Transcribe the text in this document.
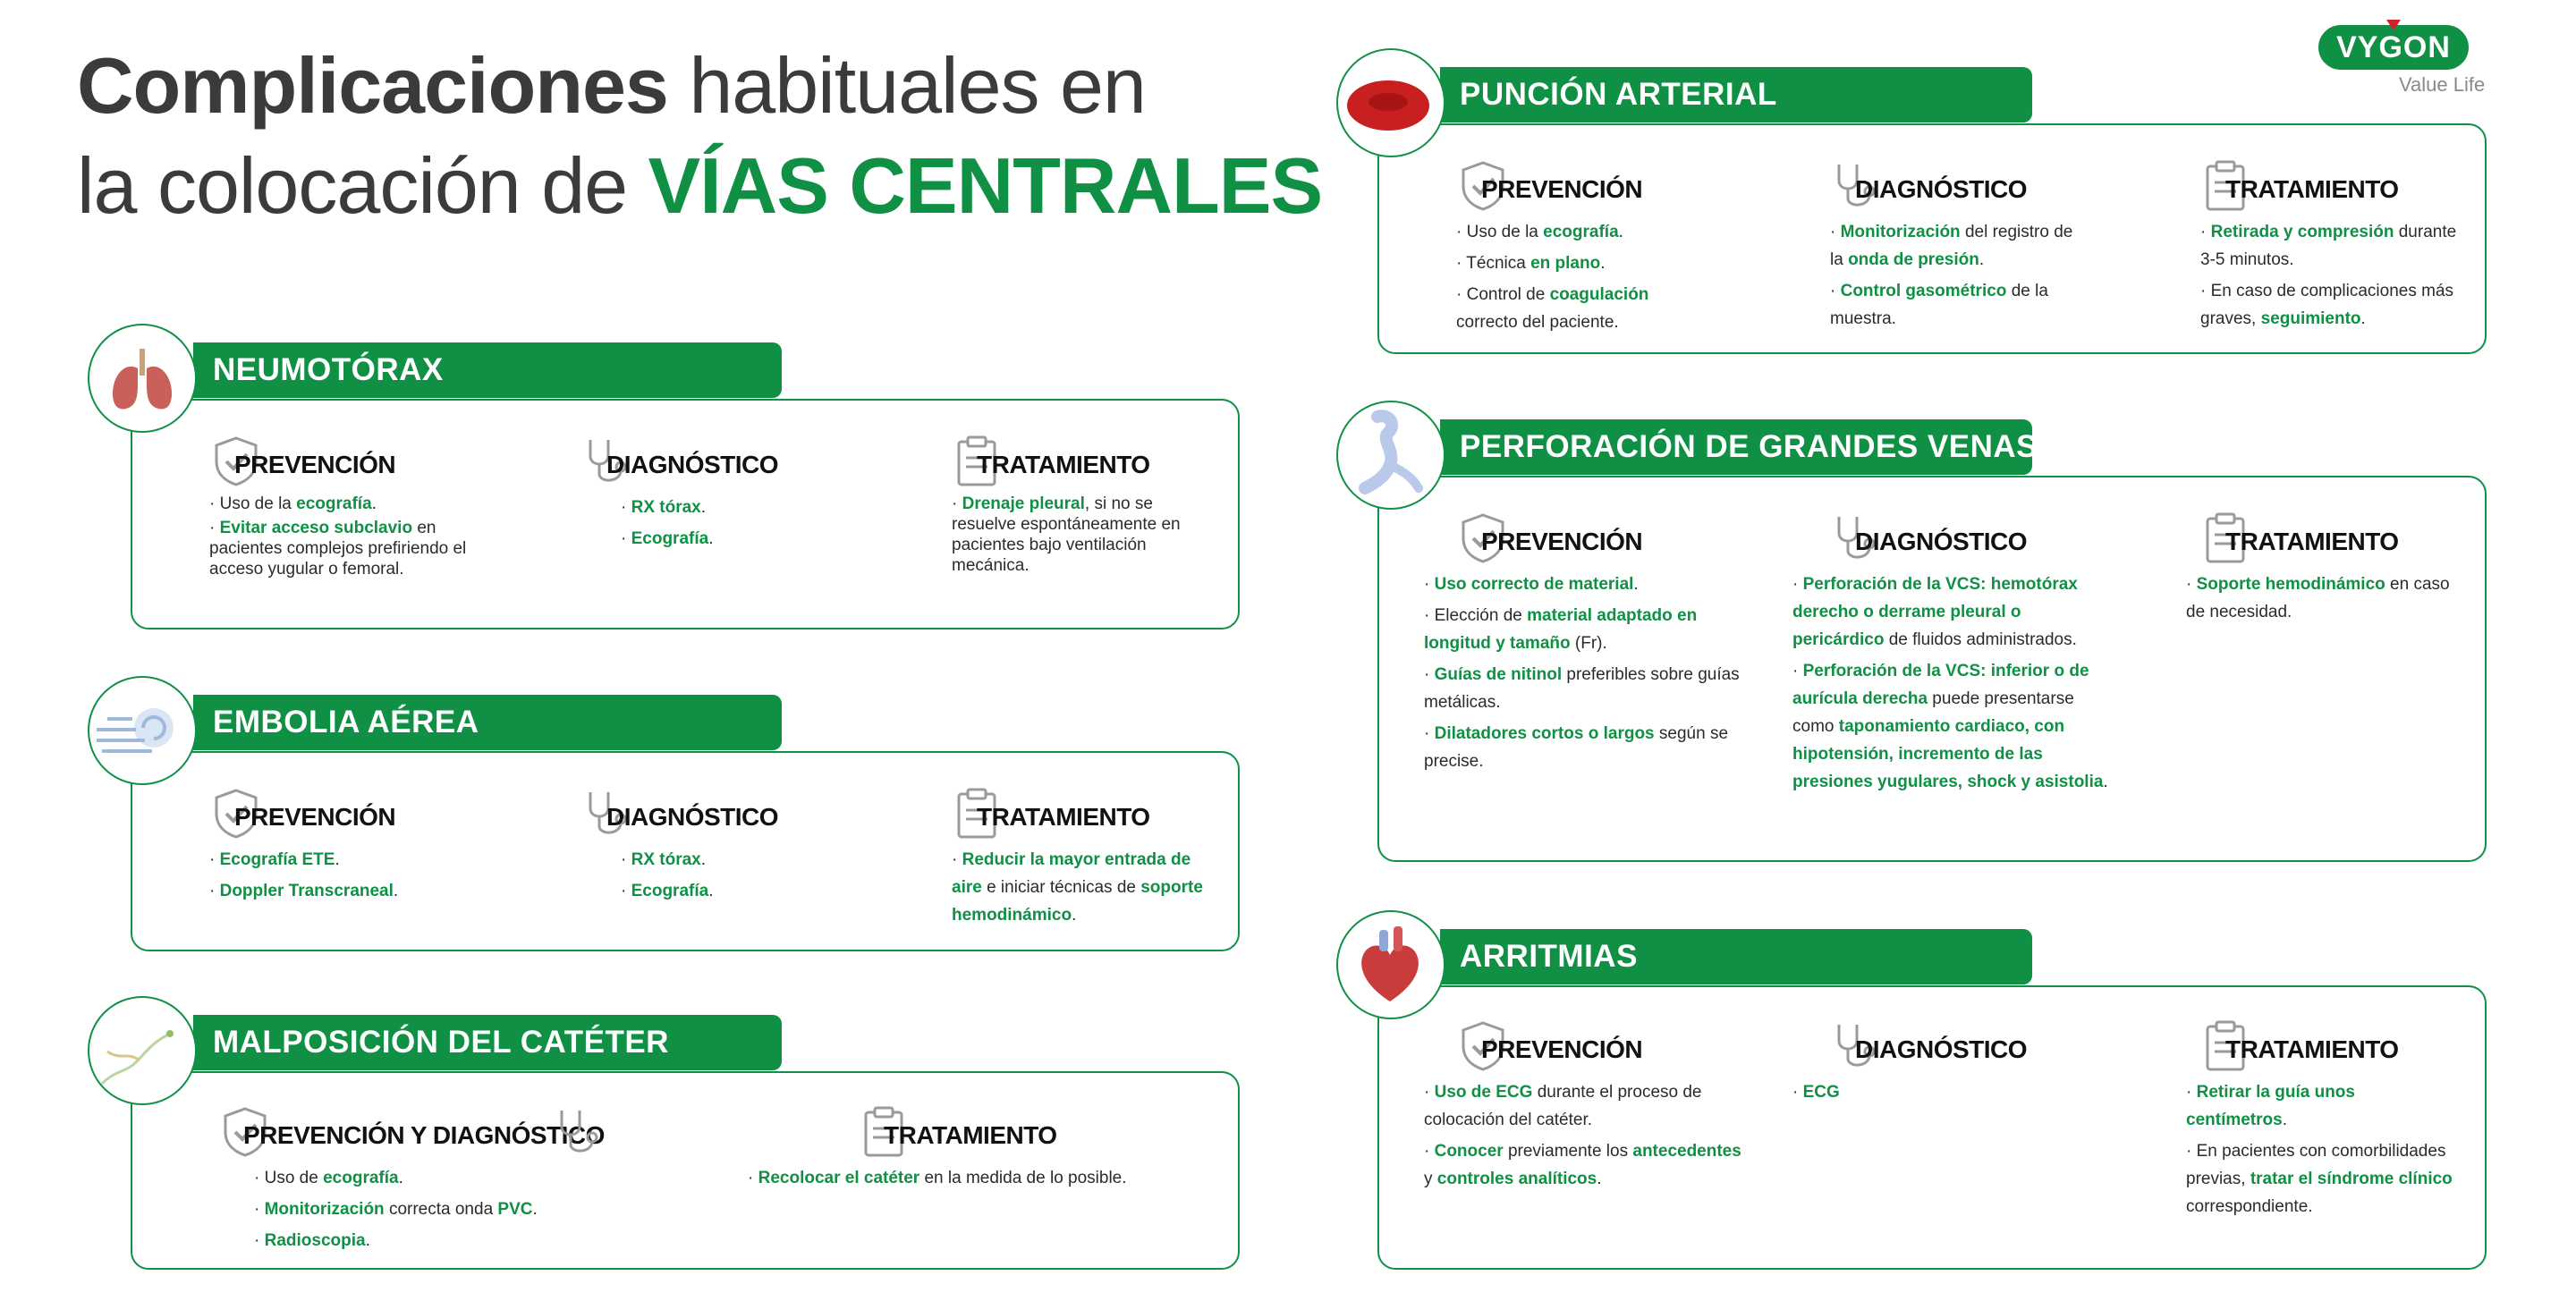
Complicaciones habituales en
la colocación de VÍAS CENTRALES
VYGON
Value Life
NEUMOTÓRAX
PREVENCIÓN
· Uso de la ecografía.
· Evitar acceso subclavio en pacientes complejos prefiriendo el acceso yugular o femoral.
DIAGNÓSTICO
· RX tórax.
· Ecografía.
TRATAMIENTO
· Drenaje pleural, si no se resuelve espontáneamente en pacientes bajo ventilación mecánica.
EMBOLIA AÉREA
PREVENCIÓN
· Ecografía ETE.
· Doppler Transcraneal.
DIAGNÓSTICO
· RX tórax.
· Ecografía.
TRATAMIENTO
· Reducir la mayor entrada de aire e iniciar técnicas de soporte hemodinámico.
MALPOSICIÓN DEL CATÉTER
PREVENCIÓN Y DIAGNÓSTICO
· Uso de ecografía.
· Monitorización correcta onda PVC.
· Radioscopia.
TRATAMIENTO
· Recolocar el catéter en la medida de lo posible.
PUNCIÓN ARTERIAL
PREVENCIÓN
· Uso de la ecografía.
· Técnica en plano.
· Control de coagulación correcto del paciente.
DIAGNÓSTICO
· Monitorización del registro de la onda de presión.
· Control gasométrico de la muestra.
TRATAMIENTO
· Retirada y compresión durante 3-5 minutos.
· En caso de complicaciones más graves, seguimiento.
PERFORACIÓN DE GRANDES VENAS
PREVENCIÓN
· Uso correcto de material.
· Elección de material adaptado en longitud y tamaño (Fr).
· Guías de nitinol preferibles sobre guías metálicas.
· Dilatadores cortos o largos según se precise.
DIAGNÓSTICO
· Perforación de la VCS: hemotórax derecho o derrame pleural o pericárdico de fluidos administrados.
· Perforación de la VCS: inferior o de aurícula derecha puede presentarse como taponamiento cardiaco, con hipotensión, incremento de las presiones yugulares, shock y asistolia.
TRATAMIENTO
· Soporte hemodinámico en caso de necesidad.
ARRITMIAS
PREVENCIÓN
· Uso de ECG durante el proceso de colocación del catéter.
· Conocer previamente los antecedentes y controles analíticos.
DIAGNÓSTICO
· ECG
TRATAMIENTO
· Retirar la guía unos centímetros.
· En pacientes con comorbilidades previas, tratar el síndrome clínico correspondiente.
